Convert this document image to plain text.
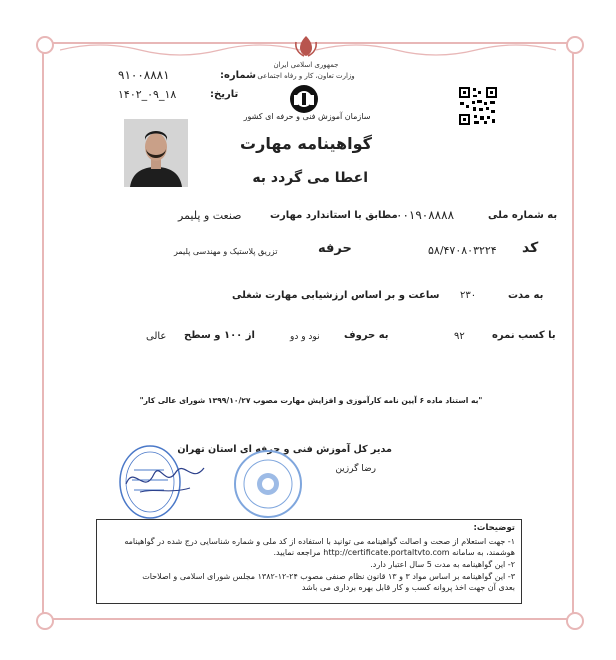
جمهوری اسلامی ایران
وزارت تعاون، کار و رفاه اجتماعی
شماره:
۹۱۰۰۸۸۸۱
تاریخ:
۱۴۰۲_۰۹_۱۸
سازمان آموزش فنی و حرفه ای کشور
گواهینامه مهارت
اعطا می گردد به
به شماره ملی
۰۰۱۹۰۸۸۸۸
مطابق با استاندارد مهارت
صنعت و پلیمر
کد
۵۸/۴۷۰۸۰۳۲۲۴
حرفه
تزریق پلاستیک و مهندسی پلیمر
به مدت
۲۳۰
ساعت و بر اساس ارزشیابی مهارت شغلی
با کسب نمره
۹۲
به حروف
نود و دو
از ۱۰۰ و سطح
عالی
"به استناد ماده ۶ آیین نامه کارآموزی و افزایش مهارت مصوب ۱۳۹۹/۱۰/۲۷ شورای عالی کار"
مدیر کل آموزش فنی و حرفه ای استان تهران
رضا گرزین
توضیحات:
۱- جهت استعلام از صحت و اصالت گواهینامه می توانید با استفاده از کد ملی و شماره شناسایی درج شده در گواهینامه
هوشمند، به سامانه http://certificate.portaltvto.com مراجعه نمایید.
۲- این گواهینامه به مدت 5 سال اعتبار دارد.
۳- این گواهینامه بر اساس مواد ۳ و ۱۳ قانون نظام صنفی مصوب ۲۴-۱۲-۱۳۸۲ مجلس شورای اسلامی و اصلاحات
بعدی آن جهت اخذ پروانه کسب و کار قابل بهره برداری می باشد
